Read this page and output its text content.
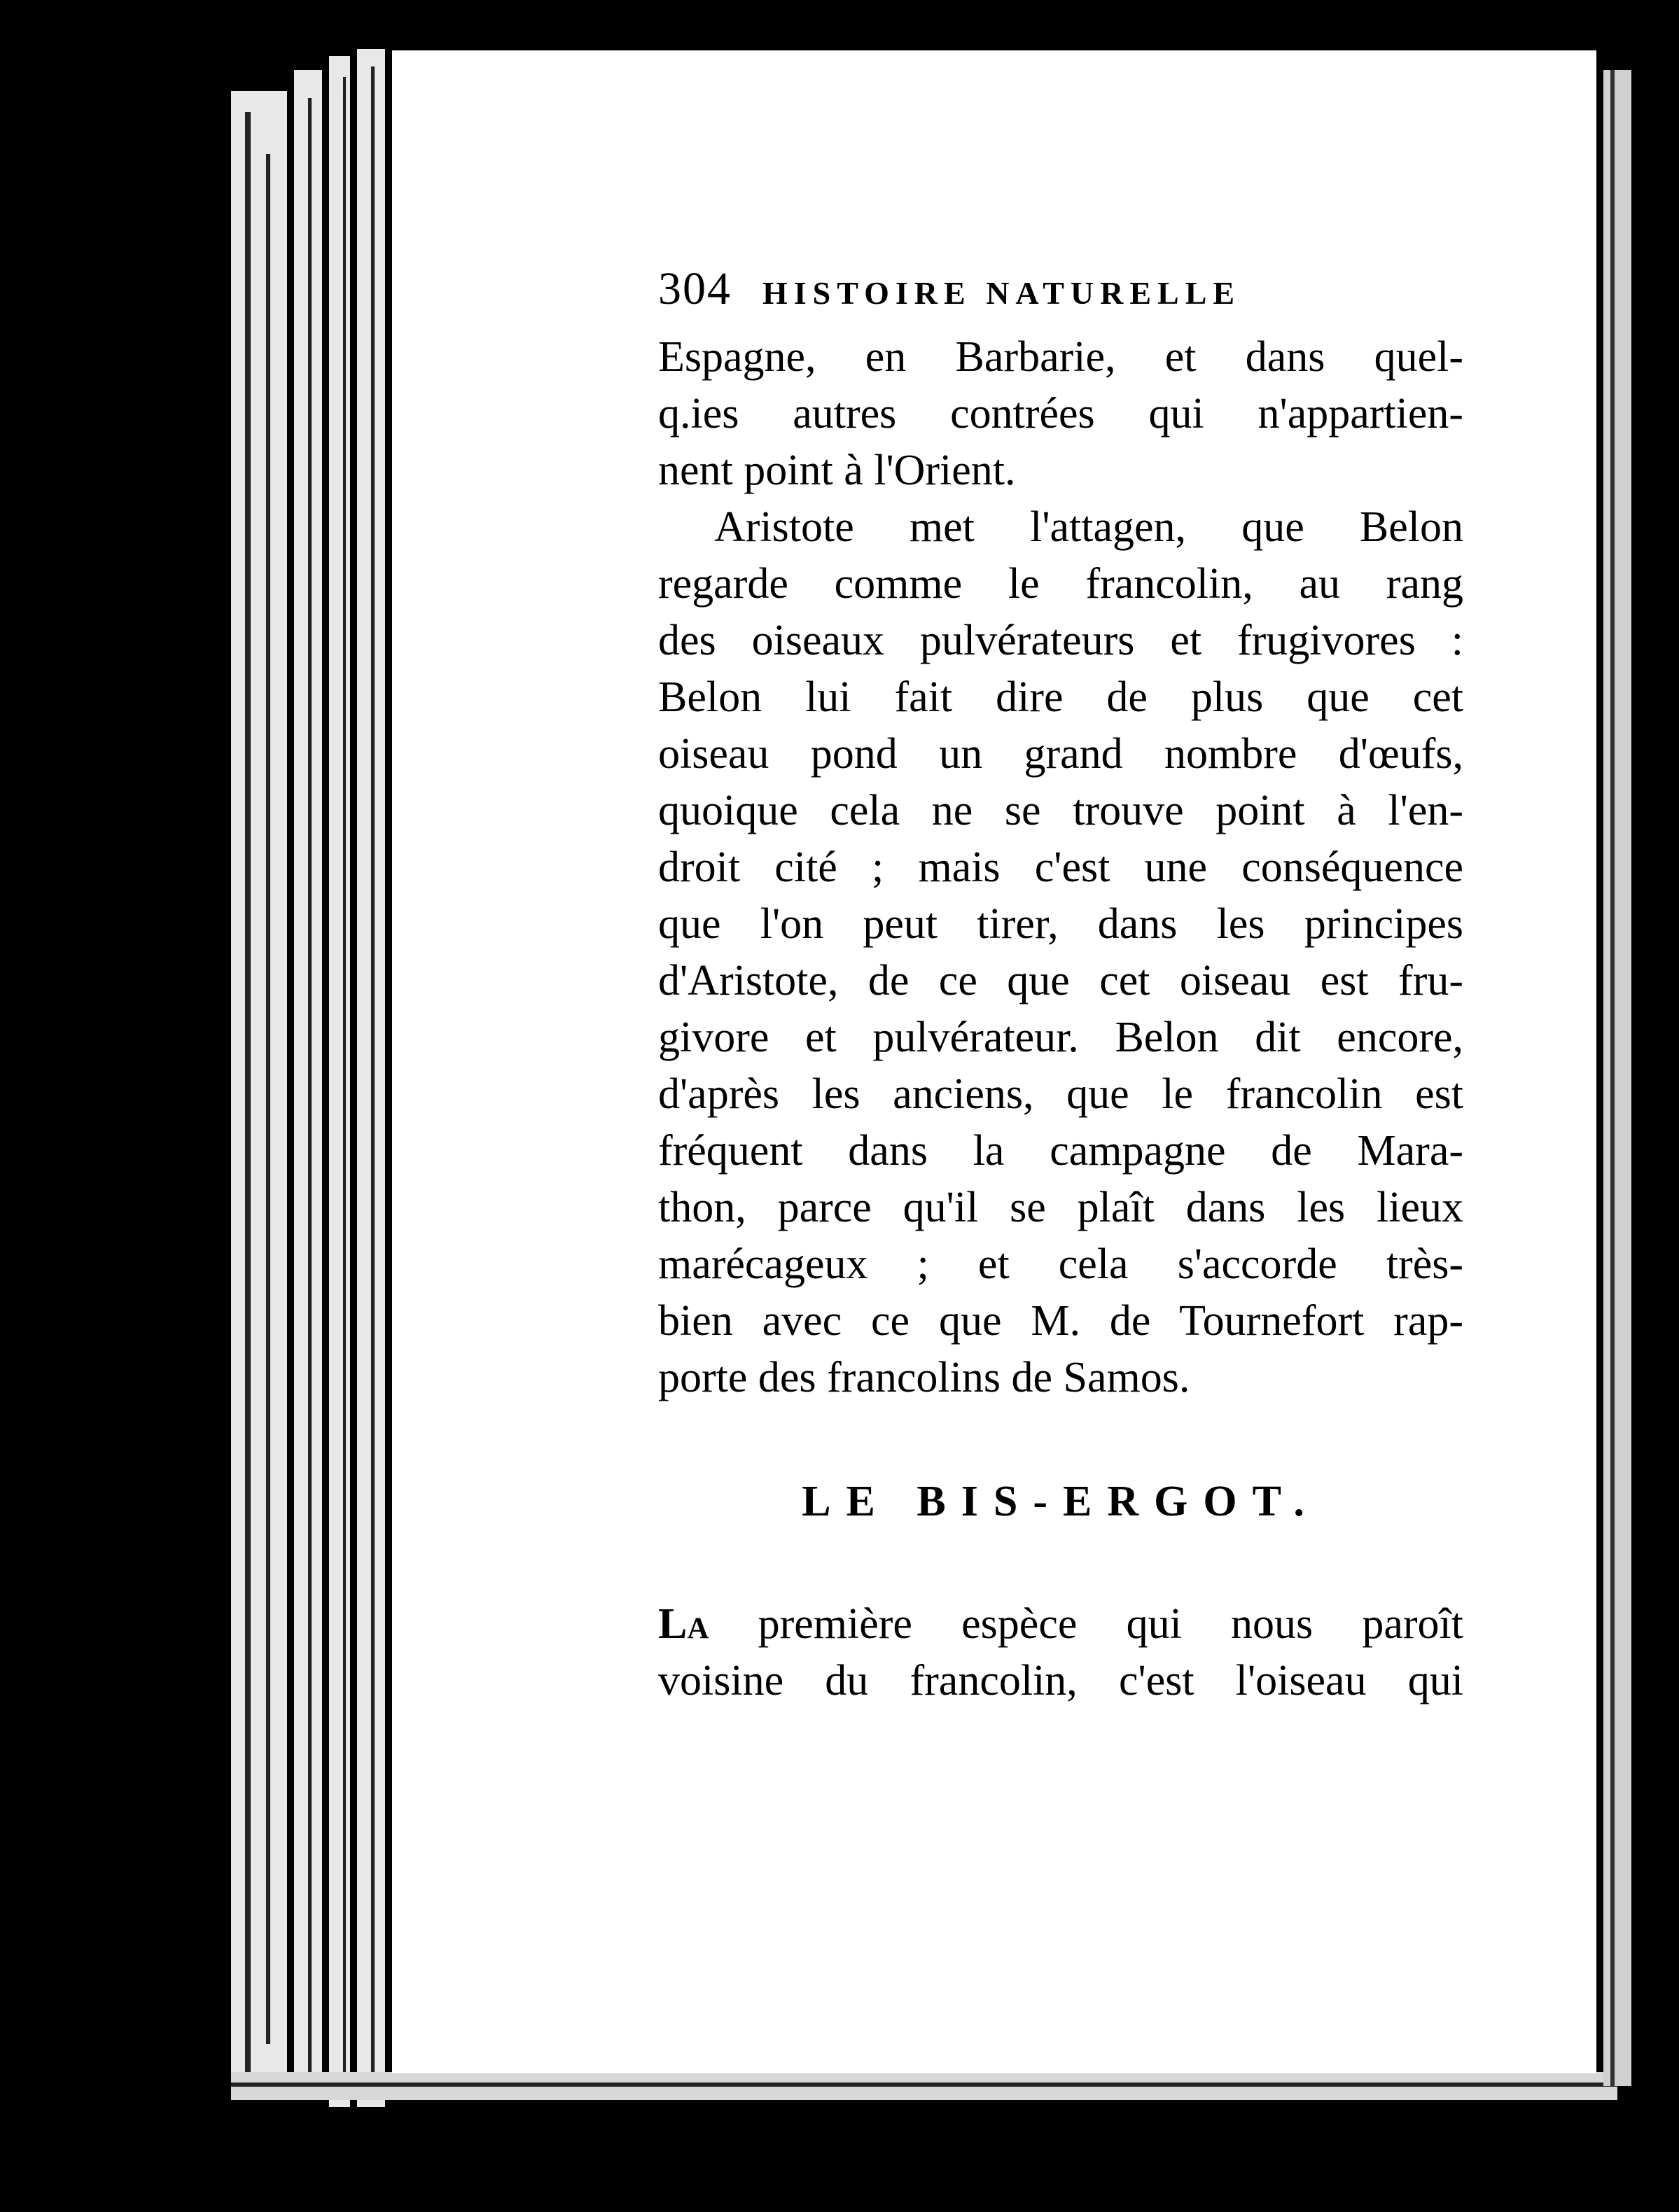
304 HISTOIRE NATURELLE
Espagne, en Barbarie, et dans quel-
q.ies autres contrées qui n'appartien-
nent point à l'Orient.
Aristote met l'attagen, que Belon
regarde comme le francolin, au rang
des oiseaux pulvérateurs et frugivores :
Belon lui fait dire de plus que cet
oiseau pond un grand nombre d'œufs,
quoique cela ne se trouve point à l'en-
droit cité ; mais c'est une conséquence
que l'on peut tirer, dans les principes
d'Aristote, de ce que cet oiseau est fru-
givore et pulvérateur. Belon dit encore,
d'après les anciens, que le francolin est
fréquent dans la campagne de Mara-
thon, parce qu'il se plaît dans les lieux
marécageux ; et cela s'accorde très-
bien avec ce que M. de Tournefort rap-
porte des francolins de Samos.
LE BIS-ERGOT.
La première espèce qui nous paroît
voisine du francolin, c'est l'oiseau qui
